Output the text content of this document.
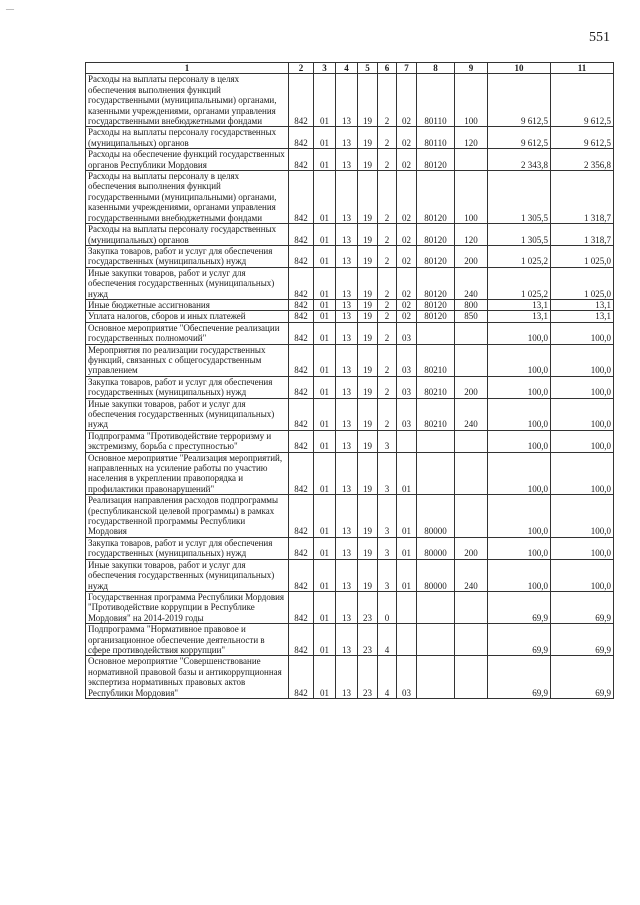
—
551
1	2	3	4	5	6	7	8	9	10	11
Расходы на выплаты персоналу в целях обеспечения выполнения функций государственными (муниципальными) органами, казенными учреждениями, органами управления государственными внебюджетными фондами	842	01	13	19	2	02	80110	100	9 612,5	9 612,5
Расходы на выплаты персоналу государственных (муниципальных) органов	842	01	13	19	2	02	80110	120	9 612,5	9 612,5
Расходы на обеспечение функций государственных органов Республики Мордовия	842	01	13	19	2	02	80120		2 343,8	2 356,8
Расходы на выплаты персоналу в целях обеспечения выполнения функций государственными (муниципальными) органами, казенными учреждениями, органами управления государственными внебюджетными фондами	842	01	13	19	2	02	80120	100	1 305,5	1 318,7
Расходы на выплаты персоналу государственных (муниципальных) органов	842	01	13	19	2	02	80120	120	1 305,5	1 318,7
Закупка товаров, работ и услуг для обеспечения государственных (муниципальных) нужд	842	01	13	19	2	02	80120	200	1 025,2	1 025,0
Иные закупки товаров, работ и услуг для обеспечения государственных (муниципальных) нужд	842	01	13	19	2	02	80120	240	1 025,2	1 025,0
Иные бюджетные ассигнования	842	01	13	19	2	02	80120	800	13,1	13,1
Уплата налогов, сборов и иных платежей	842	01	13	19	2	02	80120	850	13,1	13,1
Основное мероприятие "Обеспечение реализации государственных полномочий"	842	01	13	19	2	03			100,0	100,0
Мероприятия по реализации государственных функций, связанных с общегосударственным управлением	842	01	13	19	2	03	80210		100,0	100,0
Закупка товаров, работ и услуг для обеспечения государственных (муниципальных) нужд	842	01	13	19	2	03	80210	200	100,0	100,0
Иные закупки товаров, работ и услуг для обеспечения государственных (муниципальных) нужд	842	01	13	19	2	03	80210	240	100,0	100,0
Подпрограмма "Противодействие терроризму и экстремизму, борьба с преступностью"	842	01	13	19	3				100,0	100,0
Основное мероприятие "Реализация мероприятий, направленных на усиление работы по участию населения в укреплении правопорядка и профилактики правонарушений"	842	01	13	19	3	01			100,0	100,0
Реализация направления расходов подпрограммы (республиканской целевой программы) в рамках государственной программы Республики Мордовия	842	01	13	19	3	01	80000		100,0	100,0
Закупка товаров, работ и услуг для обеспечения государственных (муниципальных) нужд	842	01	13	19	3	01	80000	200	100,0	100,0
Иные закупки товаров, работ и услуг для обеспечения государственных (муниципальных) нужд	842	01	13	19	3	01	80000	240	100,0	100,0
Государственная программа Республики Мордовия "Противодействие коррупции в Республике Мордовия" на 2014-2019 годы	842	01	13	23	0				69,9	69,9
Подпрограмма "Нормативное правовое и организационное обеспечение деятельности в сфере противодействия коррупции"	842	01	13	23	4				69,9	69,9
Основное мероприятие "Совершенствование нормативной правовой базы и антикоррупционная экспертиза нормативных правовых актов Республики Мордовия"	842	01	13	23	4	03			69,9	69,9
